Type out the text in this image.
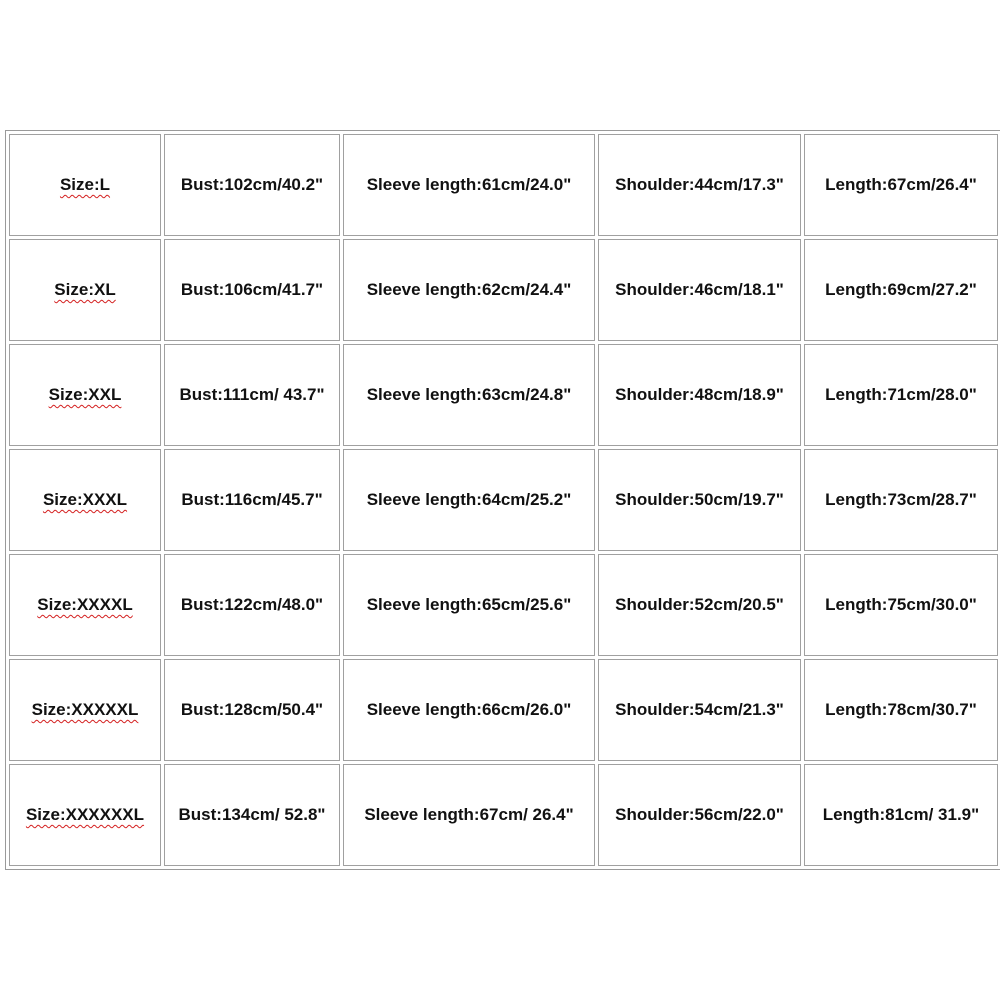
Size:L	Bust:102cm/40.2"	Sleeve length:61cm/24.0"	Shoulder:44cm/17.3"	Length:67cm/26.4"
Size:XL	Bust:106cm/41.7"	Sleeve length:62cm/24.4"	Shoulder:46cm/18.1"	Length:69cm/27.2"
Size:XXL	Bust:111cm/ 43.7"	Sleeve length:63cm/24.8"	Shoulder:48cm/18.9"	Length:71cm/28.0"
Size:XXXL	Bust:116cm/45.7"	Sleeve length:64cm/25.2"	Shoulder:50cm/19.7"	Length:73cm/28.7"
Size:XXXXL	Bust:122cm/48.0"	Sleeve length:65cm/25.6"	Shoulder:52cm/20.5"	Length:75cm/30.0"
Size:XXXXXL	Bust:128cm/50.4"	Sleeve length:66cm/26.0"	Shoulder:54cm/21.3"	Length:78cm/30.7"
Size:XXXXXXL	Bust:134cm/ 52.8"	Sleeve length:67cm/ 26.4"	Shoulder:56cm/22.0"	Length:81cm/ 31.9"
